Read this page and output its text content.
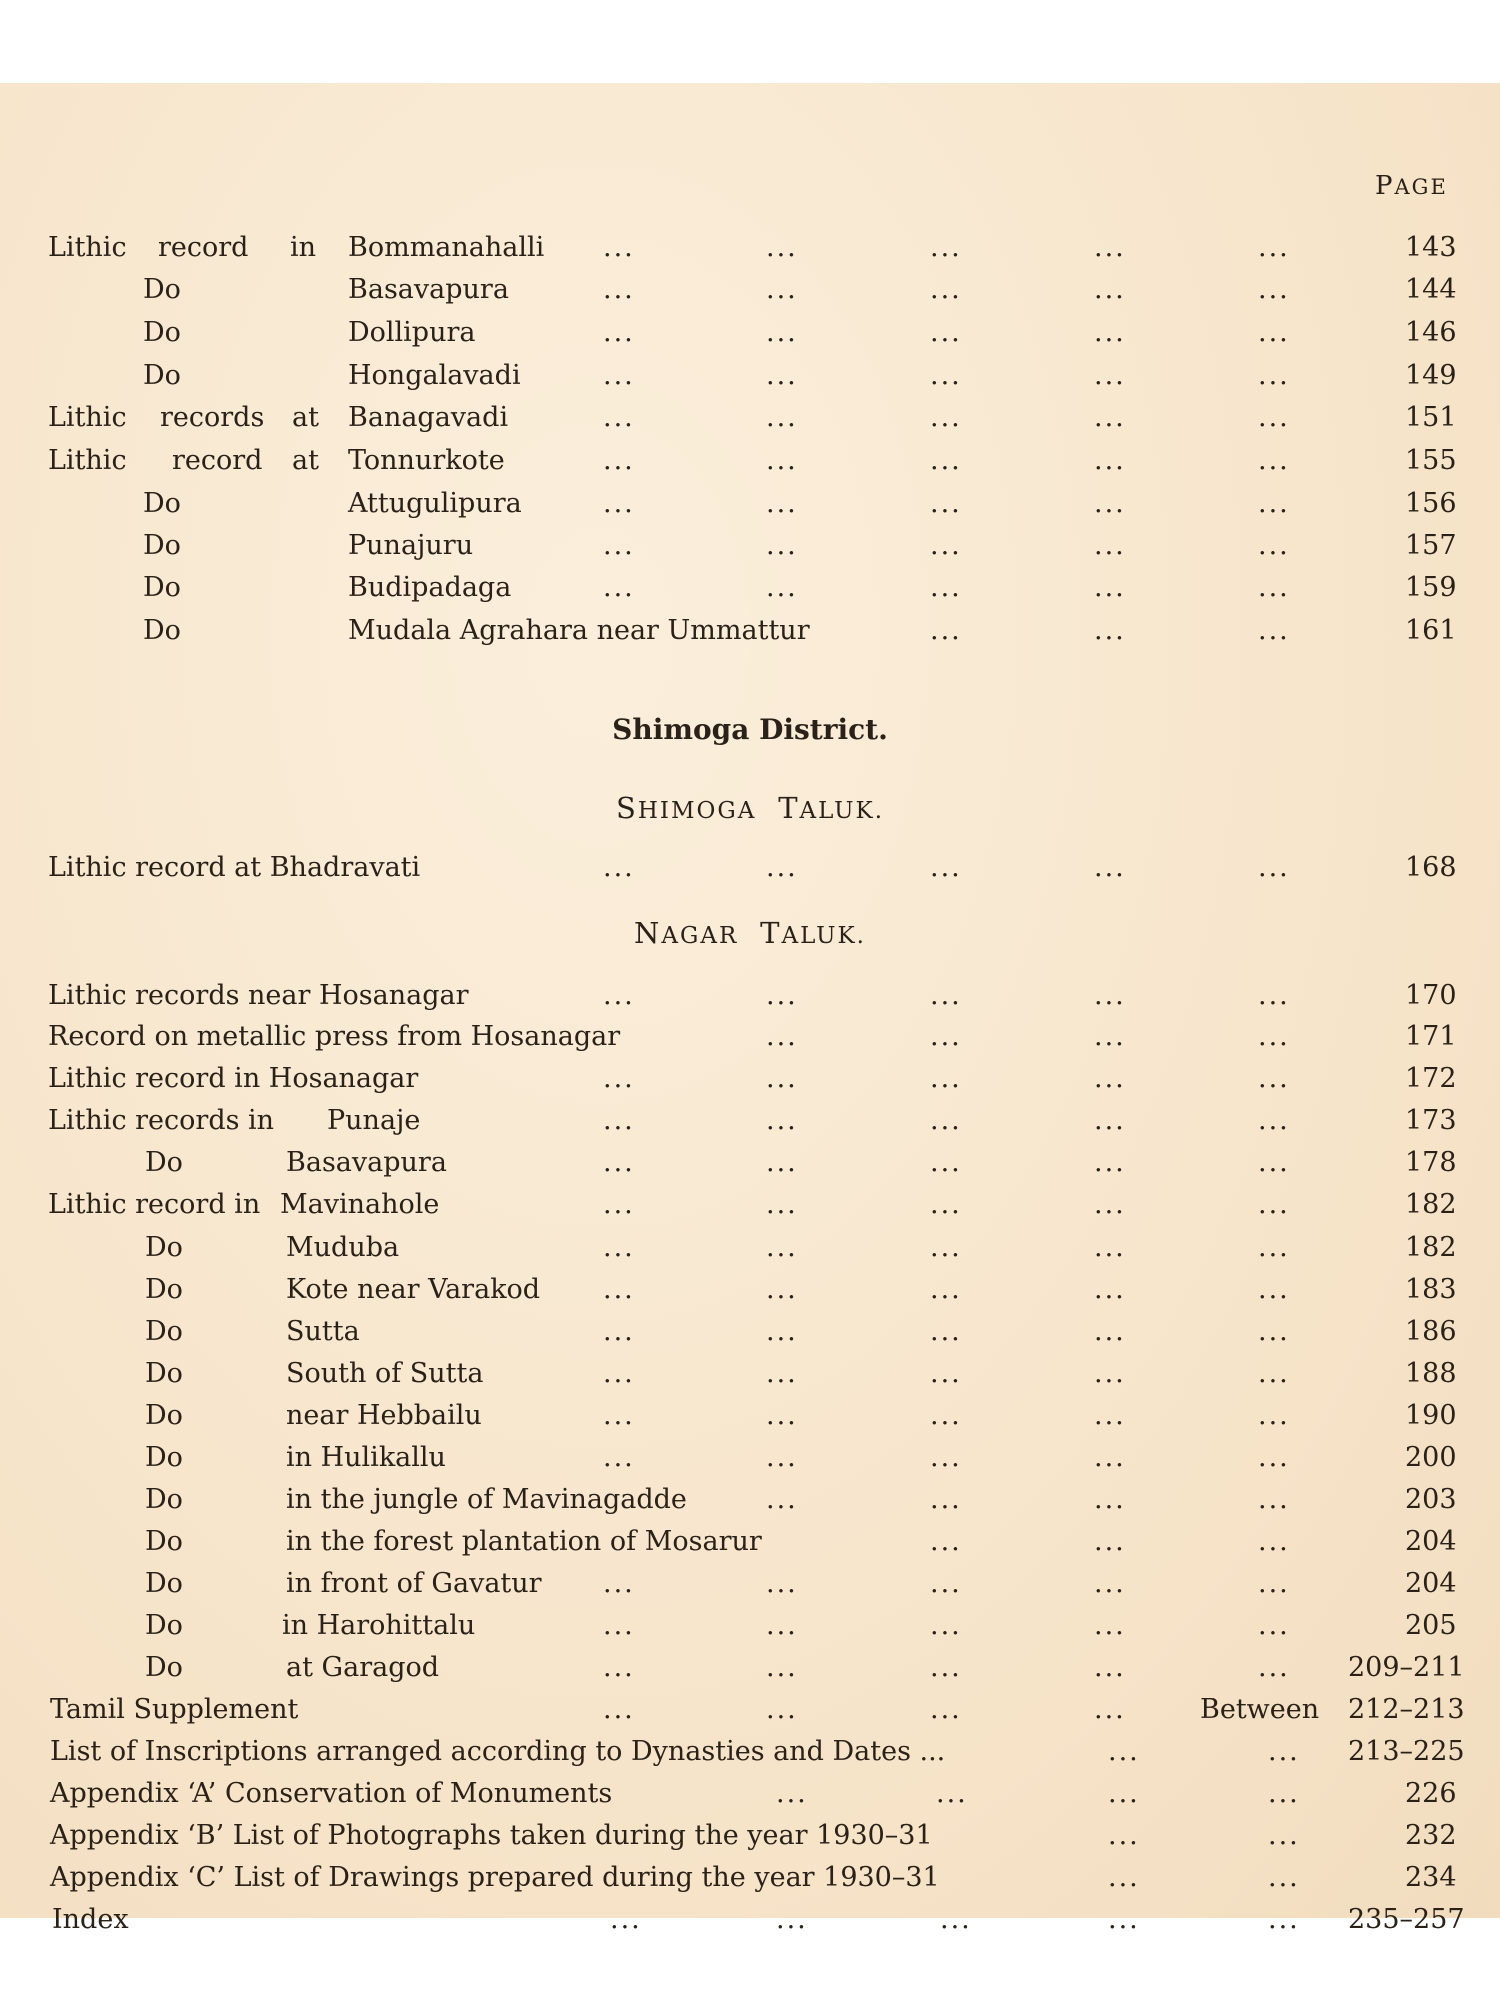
PAGE
Lithic record in Bommanahalli ...	...	...	...	...	143
Do	Basavapura	...	...	...	...	...	144
Do	Dollipura	...	...	...	...	...	146
Do	Hongalavadi	...	...	...	...	...	149
Lithic records at Banagavadi	...	...	...	...	...	151
Lithic record at Tonnurkote	...	...	...	...	...	155
Do	Attugulipura	...	...	...	...	...	156
Do	Punajuru	...	...	...	...	...	157
Do	Budipadaga	...	...	...	...	...	159
Do	Mudala Agrahara near Ummattur	...	...	...	161
Shimoga District.
SHIMOGA TALUK.
Lithic record at Bhadravati	...	...	...	...	...	168
NAGAR TALUK.
Lithic records near Hosanagar	...	...	...	...	...	170
Record on metallic press from Hosanagar	...	...	...	...	171
Lithic record in Hosanagar	...	...	...	...	...	172
Lithic records in Punaje	...	...	...	...	...	173
Do	Basavapura	...	...	...	...	...	178
Lithic record in Mavinahole	...	...	...	...	...	182
Do	Muduba	...	...	...	...	...	182
Do	Kote near Varakod ...	...	...	...	...	183
Do	Sutta	...	...	...	...	...	186
Do	South of Sutta	...	...	...	...	...	188
Do	near Hebbailu	...	...	...	...	...	190
Do	in Hulikallu	...	...	...	...	...	200
Do	in the jungle of Mavinagadde	...	...	...	...	203
Do	in the forest plantation of Mosarur	...	...	...	204
Do	in front of Gavatur ...	...	...	...	...	204
Do	in Harohittalu	...	...	...	...	...	205
Do	at Garagod	...	...	...	...	... 209–211
Tamil Supplement	...	...	...	...	Between 212–213
List of Inscriptions arranged according to Dynasties and Dates ...	...	... 213–225
Appendix ‘A’ Conservation of Monuments	...	...	...	...	226
Appendix ‘B’ List of Photographs taken during the year 1930–31	...	...	232
Appendix ‘C’ List of Drawings prepared during the year 1930–31	...	...	234
Index	...	...	...	...	... 235–257
